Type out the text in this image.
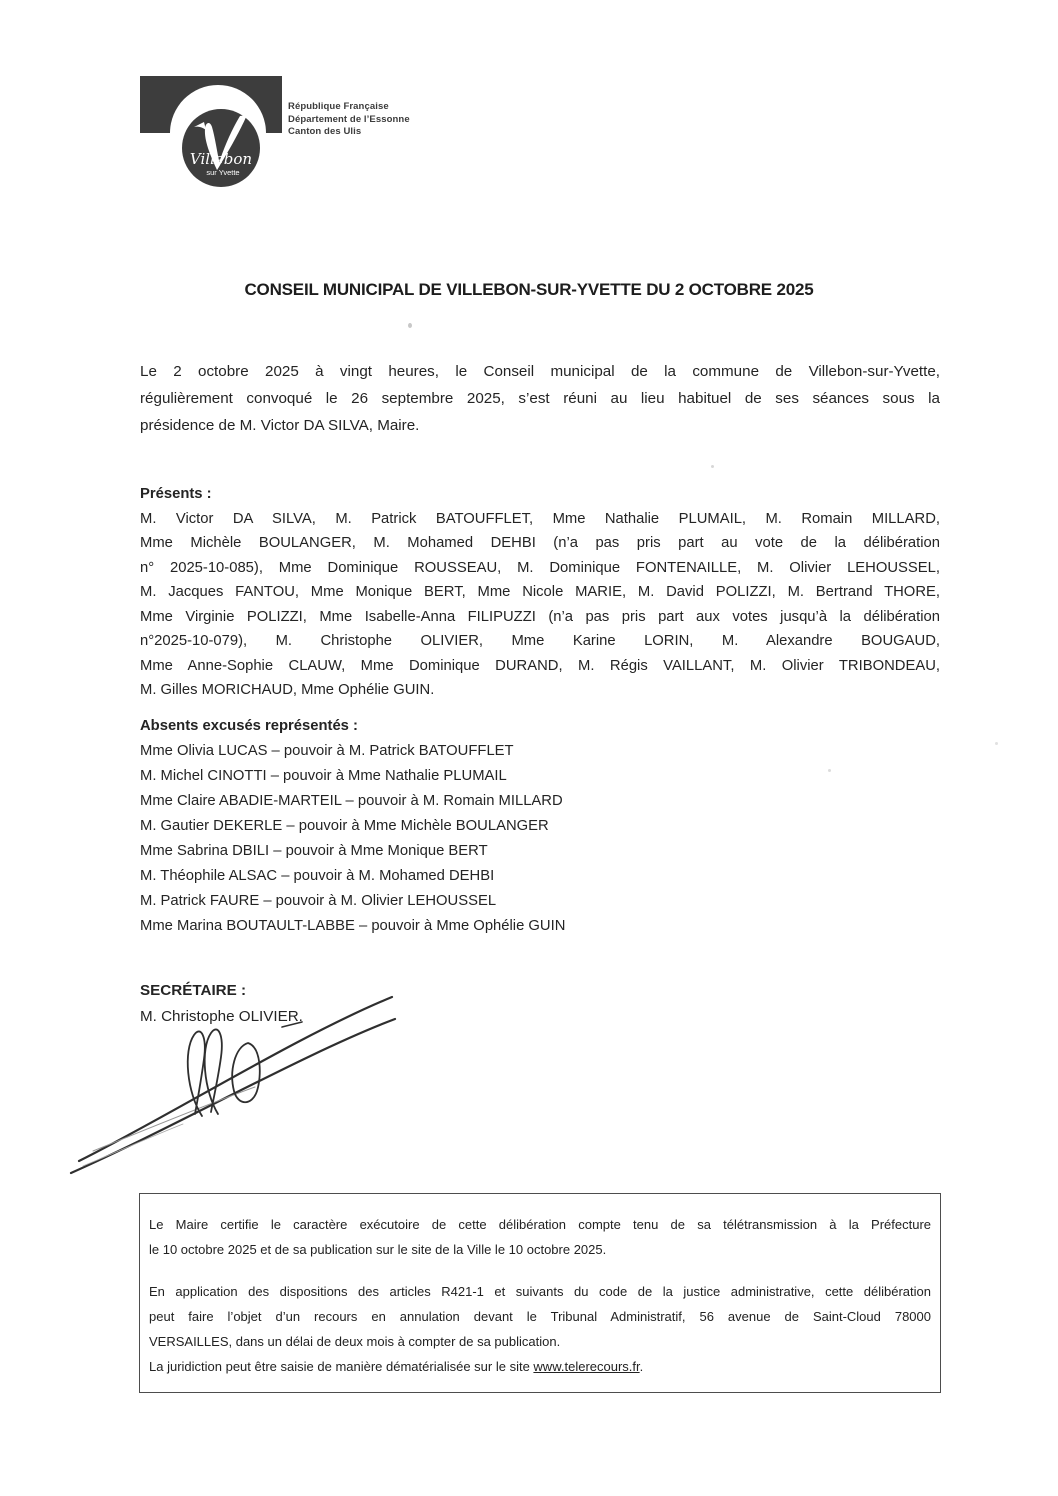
Villebon
sur Yvette
République Française
Département de l’Essonne
Canton des Ulis
CONSEIL MUNICIPAL DE VILLEBON-SUR-YVETTE DU 2 OCTOBRE 2025
Le 2 octobre 2025 à vingt heures, le Conseil municipal de la commune de Villebon-sur-Yvette,
régulièrement convoqué le 26 septembre 2025, s’est réuni au lieu habituel de ses séances sous la
présidence de M. Victor DA SILVA, Maire.
Présents :
M. Victor DA SILVA, M. Patrick BATOUFFLET, Mme Nathalie PLUMAIL, M. Romain MILLARD,
Mme Michèle BOULANGER, M. Mohamed DEHBI (n’a pas pris part au vote de la délibération
n° 2025-10-085), Mme Dominique ROUSSEAU, M. Dominique FONTENAILLE, M. Olivier LEHOUSSEL,
M. Jacques FANTOU, Mme Monique BERT, Mme Nicole MARIE, M. David POLIZZI, M. Bertrand THORE,
Mme Virginie POLIZZI, Mme Isabelle-Anna FILIPUZZI (n’a pas pris part aux votes jusqu’à la délibération
n°2025-10-079), M. Christophe OLIVIER, Mme Karine LORIN, M. Alexandre BOUGAUD,
Mme Anne-Sophie CLAUW, Mme Dominique DURAND, M. Régis VAILLANT, M. Olivier TRIBONDEAU,
M. Gilles MORICHAUD, Mme Ophélie GUIN.
Absents excusés représentés :
Mme Olivia LUCAS – pouvoir à M. Patrick BATOUFFLET
M. Michel CINOTTI – pouvoir à Mme Nathalie PLUMAIL
Mme Claire ABADIE-MARTEIL – pouvoir à M. Romain MILLARD
M. Gautier DEKERLE – pouvoir à Mme Michèle BOULANGER
Mme Sabrina DBILI – pouvoir à Mme Monique BERT
M. Théophile ALSAC – pouvoir à M. Mohamed DEHBI
M. Patrick FAURE – pouvoir à M. Olivier LEHOUSSEL
Mme Marina BOUTAULT-LABBE – pouvoir à Mme Ophélie GUIN
SECRÉTAIRE :
M. Christophe OLIVIER.
Le Maire certifie le caractère exécutoire de cette délibération compte tenu de sa télétransmission à la Préfecture
le 10 octobre 2025 et de sa publication sur le site de la Ville le 10 octobre 2025.
En application des dispositions des articles R421-1 et suivants du code de la justice administrative, cette délibération
peut faire l’objet d’un recours en annulation devant le Tribunal Administratif, 56 avenue de Saint-Cloud 78000
VERSAILLES, dans un délai de deux mois à compter de sa publication.
La juridiction peut être saisie de manière dématérialisée sur le site www.telerecours.fr.
